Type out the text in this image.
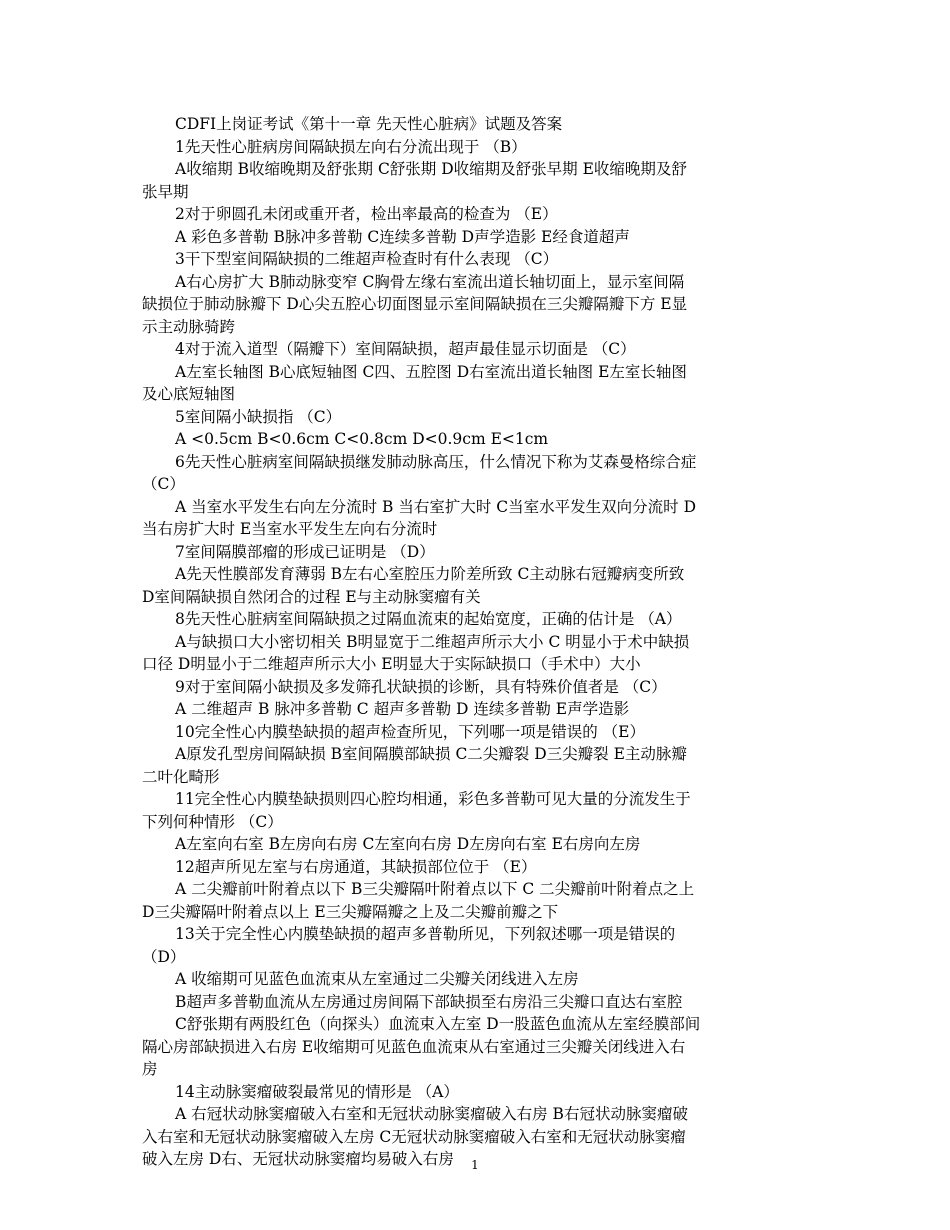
CDFI上岗证考试《第十一章 先天性心脏病》试题及答案
1先天性心脏病房间隔缺损左向右分流出现于 （B）
A收缩期 B收缩晚期及舒张期 C舒张期 D收缩期及舒张早期 E收缩晚期及舒
张早期
2对于卵圆孔未闭或重开者，检出率最高的检查为 （E）
A 彩色多普勒 B脉冲多普勒 C连续多普勒 D声学造影 E经食道超声
3干下型室间隔缺损的二维超声检查时有什么表现 （C）
A右心房扩大 B肺动脉变窄 C胸骨左缘右室流出道长轴切面上，显示室间隔
缺损位于肺动脉瓣下 D心尖五腔心切面图显示室间隔缺损在三尖瓣隔瓣下方 E显
示主动脉骑跨
4对于流入道型（隔瓣下）室间隔缺损，超声最佳显示切面是 （C）
A左室长轴图 B心底短轴图 C四、五腔图 D右室流出道长轴图 E左室长轴图
及心底短轴图
5室间隔小缺损指 （C）
A <0.5cm B<0.6cm C<0.8cm D<0.9cm E<1cm
6先天性心脏病室间隔缺损继发肺动脉高压，什么情况下称为艾森曼格综合症
（C）
A 当室水平发生右向左分流时 B 当右室扩大时 C当室水平发生双向分流时 D
当右房扩大时 E当室水平发生左向右分流时
7室间隔膜部瘤的形成已证明是 （D）
A先天性膜部发育薄弱 B左右心室腔压力阶差所致 C主动脉右冠瓣病变所致
D室间隔缺损自然闭合的过程 E与主动脉窦瘤有关
8先天性心脏病室间隔缺损之过隔血流束的起始宽度，正确的估计是 （A）
A与缺损口大小密切相关 B明显宽于二维超声所示大小 C 明显小于术中缺损
口径 D明显小于二维超声所示大小 E明显大于实际缺损口（手术中）大小
9对于室间隔小缺损及多发筛孔状缺损的诊断，具有特殊价值者是 （C）
A 二维超声 B 脉冲多普勒 C 超声多普勒 D 连续多普勒 E声学造影
10完全性心内膜垫缺损的超声检查所见，下列哪一项是错误的 （E）
A原发孔型房间隔缺损 B室间隔膜部缺损 C二尖瓣裂 D三尖瓣裂 E主动脉瓣
二叶化畸形
11完全性心内膜垫缺损则四心腔均相通，彩色多普勒可见大量的分流发生于
下列何种情形 （C）
A左室向右室 B左房向右房 C左室向右房 D左房向右室 E右房向左房
12超声所见左室与右房通道，其缺损部位位于 （E）
A 二尖瓣前叶附着点以下 B三尖瓣隔叶附着点以下 C 二尖瓣前叶附着点之上
D三尖瓣隔叶附着点以上 E三尖瓣隔瓣之上及二尖瓣前瓣之下
13关于完全性心内膜垫缺损的超声多普勒所见，下列叙述哪一项是错误的
（D）
A 收缩期可见蓝色血流束从左室通过二尖瓣关闭线进入左房
B超声多普勒血流从左房通过房间隔下部缺损至右房沿三尖瓣口直达右室腔
C舒张期有两股红色（向探头）血流束入左室 D一股蓝色血流从左室经膜部间
隔心房部缺损进入右房 E收缩期可见蓝色血流束从右室通过三尖瓣关闭线进入右
房
14主动脉窦瘤破裂最常见的情形是 （A）
A 右冠状动脉窦瘤破入右室和无冠状动脉窦瘤破入右房 B右冠状动脉窦瘤破
入右室和无冠状动脉窦瘤破入左房 C无冠状动脉窦瘤破入右室和无冠状动脉窦瘤
破入左房 D右、无冠状动脉窦瘤均易破入右房	1
